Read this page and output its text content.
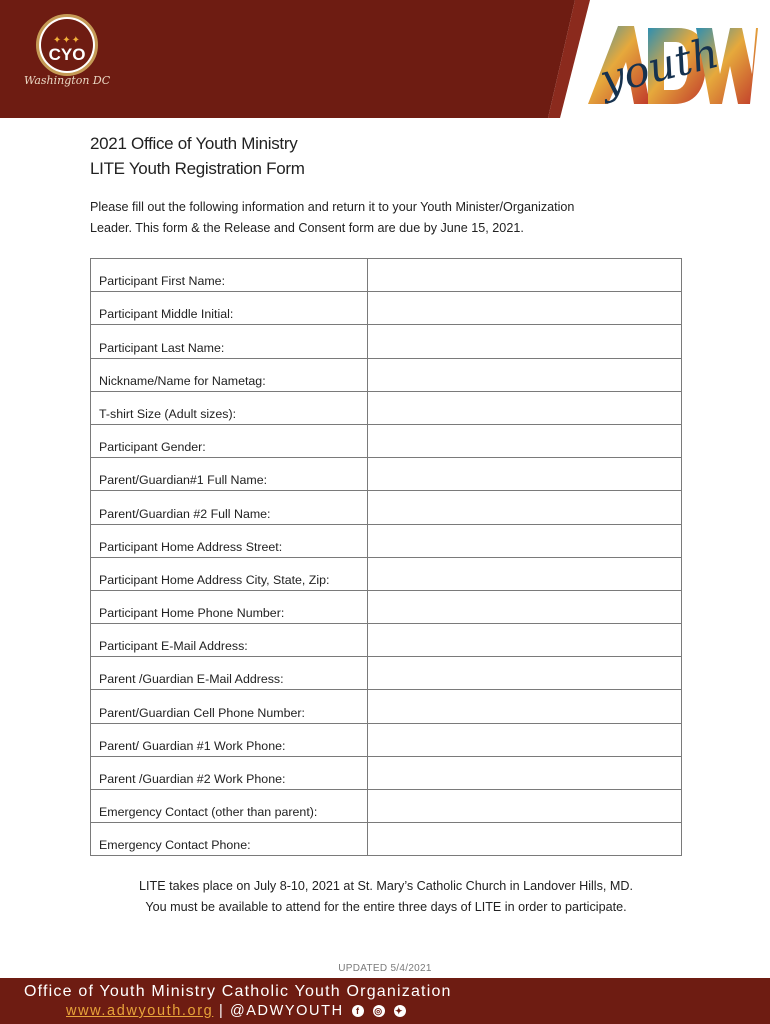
✦✦✦
CYO
Washington DC	youth
2021 Office of Youth Ministry
LITE Youth Registration Form
Please fill out the following information and return it to your Youth Minister/Organization
Leader. This form & the Release and Consent form are due by June 15, 2021.
Participant First Name:	
Participant Middle Initial:	
Participant Last Name:	
Nickname/Name for Nametag:	
T-shirt Size (Adult sizes):	
Participant Gender:	
Parent/Guardian#1 Full Name:	
Parent/Guardian #2 Full Name:	
Participant Home Address Street:	
Participant Home Address City, State, Zip:	
Participant Home Phone Number:	
Participant E-Mail Address:	
Parent /Guardian E-Mail Address:	
Parent/Guardian Cell Phone Number:	
Parent/ Guardian #1 Work Phone:	
Parent /Guardian #2 Work Phone:	
Emergency Contact (other than parent):	
Emergency Contact Phone:	
LITE takes place on July 8-10, 2021 at St. Mary’s Catholic Church in Landover Hills, MD.
You must be available to attend for the entire three days of LITE in order to participate.
UPDATED 5/4/2021
Office of Youth Ministry Catholic Youth Organization
www.adwyouth.org | @ADWYOUTH f ◎ ✦
